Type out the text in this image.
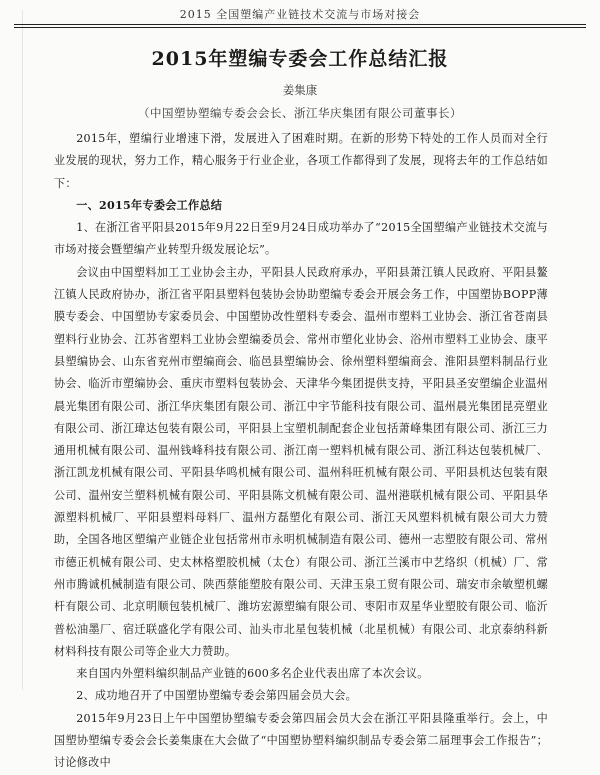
2015 全国塑编产业链技术交流与市场对接会
2015年塑编专委会工作总结汇报
姜集康
（中国塑协塑编专委会会长、浙江华庆集团有限公司董事长）

2015年，塑编行业增速下滑，发展进入了困难时期。在新的形势下特处的工作人员而对全行业发展的现状，努力工作，精心服务于行业企业，各项工作都得到了发展，现将去年的工作总结如下：

一、2015年专委会工作总结

1、在浙江省平阳县2015年9月22日至9月24日成功举办了“2015全国塑编产业链技术交流与市场对接会暨塑编产业转型升级发展论坛”。

会议由中国塑料加工工业协会主办，平阳县人民政府承办，平阳县萧江镇人民政府、平阳县鳌江镇人民政府协办，浙江省平阳县塑料包装协会协助塑编专委会开展会务工作，中国塑协BOPP薄膜专委会、中国塑协专家委员会、中国塑协改性塑料专委会、温州市塑料工业协会、浙江省苍南县塑料行业协会、江苏省塑料工业协会塑编委员会、常州市塑化业协会、浴州市塑料工业协会、康平县塑编协会、山东省兖州市塑编商会、临邑县塑编协会、徐州塑料塑编商会、淮阳县塑料制品行业协会、临沂市塑编协会、重庆市塑料包装协会、天津华今集团提供支持，平阳县圣安塑编企业温州晨光集团有限公司、浙江华庆集团有限公司、浙江中宇节能科技有限公司、温州晨光集团昆亮塑业有限公司、浙江瑋达包装有限公司，平阳县上宝塑机制配套企业包括萧峰集团有限公司、浙江三力通用机械有限公司、温州钱峰科技有限公司、浙江南一塑料机械有限公司、浙江科达包装机械厂、浙江凯龙机械有限公司、平阳县华鸣机械有限公司、温州科旺机械有限公司、平阳县机达包装有限公司、温州安兰塑料机械有限公司、平阳县陈文机械有限公司、温州港联机械有限公司、平阳县华源塑料机械厂、平阳县塑料母料厂、温州方磊塑化有限公司、浙江天风塑料机械有限公司大力赞助，全国各地区塑编产业链企业包括常州市永明机械制造有限公司、德州一志塑胶有限公司、常州市德正机械有限公司、史太林格塑胶机械（太仓）有限公司、浙江兰溪市中艺络织（机械）厂、常州市腾诚机械制造有限公司、陕西蔡能塑胶有限公司、天津玉泉工贸有限公司、瑞安市余敏塑机螺杆有限公司、北京明顺包装机械厂、潍坊宏源塑编有限公司、枣阳市双星华业塑胶有限公司、临沂普松油墨厂、宿迁联盛化学有限公司、汕头市北星包装机械（北星机械）有限公司、北京泰纳科新材料科技有限公司等企业大力赞助。

来自国内外塑料编织制品产业链的600多名企业代表出席了本次会议。

2、成功地召开了中国塑协塑编专委会第四届会员大会。

2015年9月23日上午中国塑协塑编专委会第四届会员大会在浙江平阳县隆重举行。会上，中国塑协塑编专委会会长姜集康在大会做了“中国塑协塑料编织制品专委会第二届理事会工作报告”；讨论修改中
